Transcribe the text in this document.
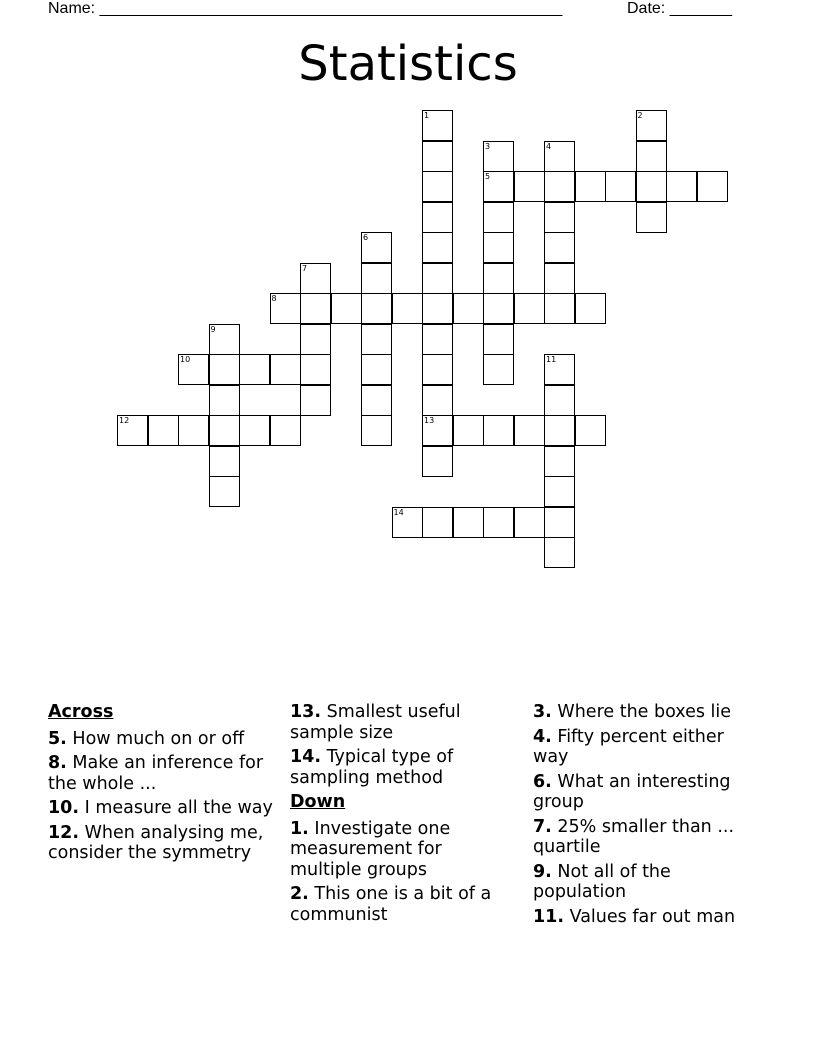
Name: ____________________________________________________	Date: _______
Statistics
1
13
2
3
5
4
6
7
8
9
10	11
12
14
Across
5. How much on or off
8. Make an inference for the whole ...
10. I measure all the way
12. When analysing me, consider the symmetry
13. Smallest useful sample size
14. Typical type of sampling method
Down
1. Investigate one measurement for multiple groups
2. This one is a bit of a communist
3. Where the boxes lie
4. Fifty percent either way
6. What an interesting group
7. 25% smaller than ... quartile
9. Not all of the population
11. Values far out man
